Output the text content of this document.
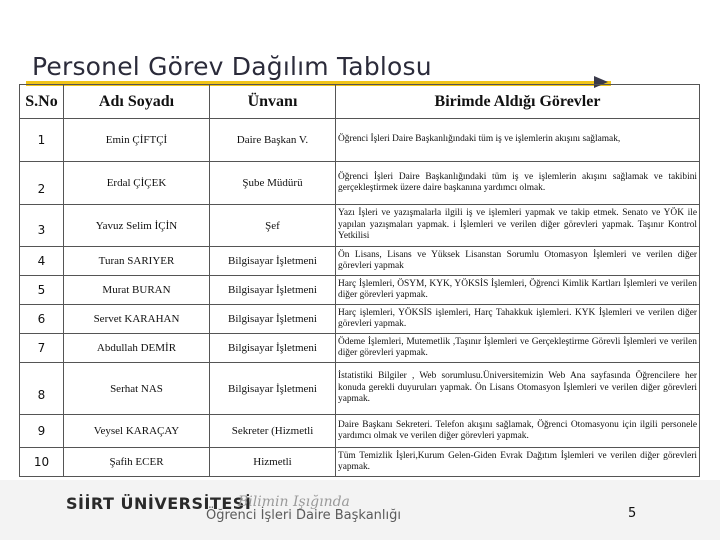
Personel Görev Dağılım Tablosu
S.No	Adı Soyadı	Ünvanı	Birimde Aldığı Görevler
1	Emin ÇİFTÇİ	Daire Başkan V.	Öğrenci İşleri Daire Başkanlığındaki tüm iş ve işlemlerin akışını sağlamak,
2	Erdal ÇİÇEK	Şube Müdürü	Öğrenci İşleri Daire Başkanlığındaki tüm iş ve işlemlerin akışını sağlamak ve takibini gerçekleştirmek üzere daire başkanına yardımcı olmak.
3	Yavuz Selim İÇİN	Şef	Yazı İşleri ve yazışmalarla ilgili iş ve işlemleri yapmak ve takip etmek. Senato ve YÖK ile yapılan yazışmaları yapmak. i İşlemleri ve verilen diğer görevleri yapmak. Taşınır Kontrol Yetkilisi
4	Turan SARIYER	Bilgisayar İşletmeni	Ön Lisans, Lisans ve Yüksek Lisanstan Sorumlu Otomasyon İşlemleri ve verilen diğer görevleri yapmak
5	Murat BURAN	Bilgisayar İşletmeni	Harç İşlemleri, ÖSYM, KYK, YÖKSİS İşlemleri, Öğrenci Kimlik Kartları İşlemleri ve verilen diğer görevleri yapmak.
6	Servet KARAHAN	Bilgisayar İşletmeni	Harç işlemleri, YÖKSİS işlemleri, Harç Tahakkuk işlemleri. KYK İşlemleri ve verilen diğer görevleri yapmak.
7	Abdullah DEMİR	Bilgisayar İşletmeni	Ödeme İşlemleri, Mutemetlik ,Taşınır İşlemleri ve Gerçekleştirme Görevli İşlemleri ve verilen diğer görevleri yapmak.
8	Serhat NAS	Bilgisayar İşletmeni	İstatistiki Bilgiler , Web sorumlusu.Üniversitemizin Web Ana sayfasında Öğrencilere her konuda gerekli duyuruları yapmak. Ön Lisans Otomasyon İşlemleri ve verilen diğer görevleri yapmak.
9	Veysel KARAÇAY	Sekreter (Hizmetli	Daire Başkanı Sekreteri. Telefon akışını sağlamak, Öğrenci Otomasyonu için ilgili personele yardımcı olmak ve verilen diğer görevleri yapmak.
10	Şafih ECER	Hizmetli	Tüm Temizlik İşleri,Kurum Gelen-Giden Evrak Dağıtım İşlemleri ve verilen diğer görevleri yapmak.
SİİRT ÜNİVERSİTESİ
Bilimin Işığında
Öğrenci İşleri Daire Başkanlığı	5
